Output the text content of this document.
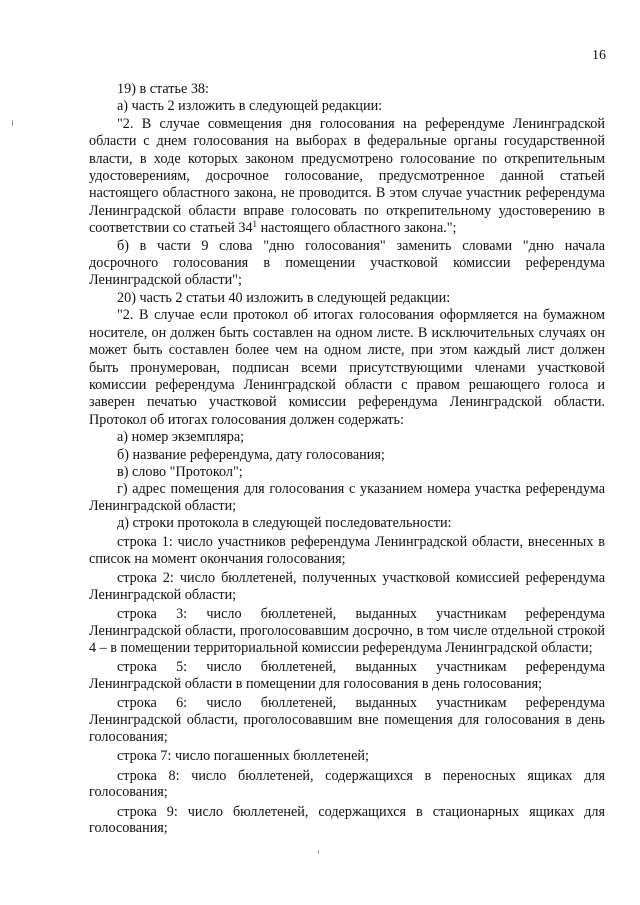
16

19) в статье 38:

а) часть 2 изложить в следующей редакции:

"2. В случае совмещения дня голосования на референдуме Ленинградской области с днем голосования на выборах в федеральные органы государственной власти, в ходе которых законом предусмотрено голосование по открепительным удостоверениям, досрочное голосование, предусмотренное данной статьей настоящего областного закона, не проводится. В этом случае участник референдума Ленинградской области вправе голосовать по открепительному удостоверению в соответствии со статьей $34^1$ настоящего областного закона.";

б) в части 9 слова "дню голосования" заменить словами "дню начала досрочного голосования в помещении участковой комиссии референдума Ленинградской области";

20) часть 2 статьи 40 изложить в следующей редакции:

"2. В случае если протокол об итогах голосования оформляется на бумажном носителе, он должен быть составлен на одном листе. В исключительных случаях он может быть составлен более чем на одном листе, при этом каждый лист должен быть пронумерован, подписан всеми присутствующими членами участковой комиссии референдума Ленинградской области с правом решающего голоса и заверен печатью участковой комиссии референдума Ленинградской области. Протокол об итогах голосования должен содержать:

а) номер экземпляра;

б) название референдума, дату голосования;

в) слово "Протокол";

г) адрес помещения для голосования с указанием номера участка референдума Ленинградской области;

д) строки протокола в следующей последовательности:

строка 1: число участников референдума Ленинградской области, внесенных в список на момент окончания голосования;

строка 2: число бюллетеней, полученных участковой комиссией референдума Ленинградской области;

строка 3: число бюллетеней, выданных участникам референдума Ленинградской области, проголосовавшим досрочно, в том числе отдельной строкой 4 – в помещении территориальной комиссии референдума Ленинградской области;

строка 5: число бюллетеней, выданных участникам референдума Ленинградской области в помещении для голосования в день голосования;

строка 6: число бюллетеней, выданных участникам референдума Ленинградской области, проголосовавшим вне помещения для голосования в день голосования;

строка 7: число погашенных бюллетеней;

строка 8: число бюллетеней, содержащихся в переносных ящиках для голосования;

строка 9: число бюллетеней, содержащихся в стационарных ящиках для голосования;
